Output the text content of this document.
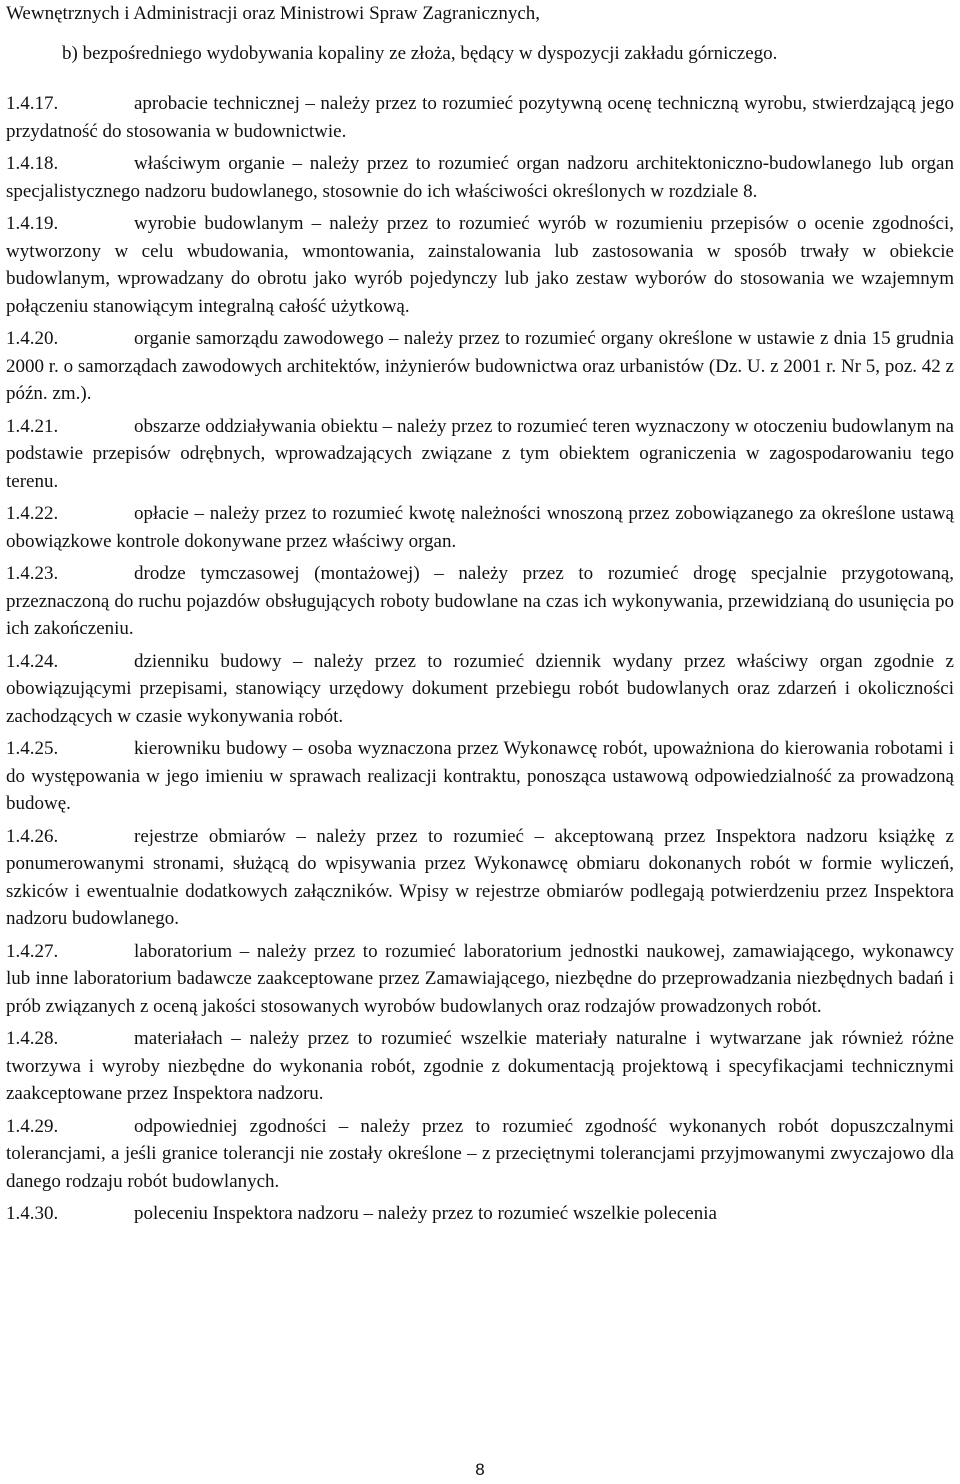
Wewnętrznych i Administracji oraz Ministrowi Spraw Zagranicznych,
b) bezpośredniego wydobywania kopaliny ze złoża, będący w dyspozycji zakładu górniczego.

1.4.17.	aprobacie technicznej – należy przez to rozumieć pozytywną ocenę techniczną wyrobu, stwierdzającą jego przydatność do stosowania w budownictwie.

1.4.18.	właściwym organie – należy przez to rozumieć organ nadzoru architektoniczno-budowlanego lub organ specjalistycznego nadzoru budowlanego, stosownie do ich właściwości określonych w rozdziale 8.

1.4.19.	wyrobie budowlanym – należy przez to rozumieć wyrób w rozumieniu przepisów o ocenie zgodności, wytworzony w celu wbudowania, wmontowania, zainstalowania lub zastosowania w sposób trwały w obiekcie budowlanym, wprowadzany do obrotu jako wyrób pojedynczy lub jako zestaw wyborów do stosowania we wzajemnym połączeniu stanowiącym integralną całość użytkową.

1.4.20.	organie samorządu zawodowego – należy przez to rozumieć organy określone w ustawie z dnia 15 grudnia 2000 r. o samorządach zawodowych architektów, inżynierów budownictwa oraz urbanistów (Dz. U. z 2001 r. Nr 5, poz. 42 z późn. zm.).

1.4.21.	obszarze oddziaływania obiektu – należy przez to rozumieć teren wyznaczony w otoczeniu budowlanym na podstawie przepisów odrębnych, wprowadzających związane z tym obiektem ograniczenia w zagospodarowaniu tego terenu.

1.4.22.	opłacie – należy przez to rozumieć kwotę należności wnoszoną przez zobowiązanego za określone ustawą obowiązkowe kontrole dokonywane przez właściwy organ.

1.4.23.	drodze tymczasowej (montażowej) – należy przez to rozumieć drogę specjalnie przygotowaną, przeznaczoną do ruchu pojazdów obsługujących roboty budowlane na czas ich wykonywania, przewidzianą do usunięcia po ich zakończeniu.

1.4.24.	dzienniku budowy – należy przez to rozumieć dziennik wydany przez właściwy organ zgodnie z obowiązującymi przepisami, stanowiący urzędowy dokument przebiegu robót budowlanych oraz zdarzeń i okoliczności zachodzących w czasie wykonywania robót.

1.4.25.	kierowniku budowy – osoba wyznaczona przez Wykonawcę robót, upoważniona do kierowania robotami i do występowania w jego imieniu w sprawach realizacji kontraktu, ponosząca ustawową odpowiedzialność za prowadzoną budowę.

1.4.26.	rejestrze obmiarów – należy przez to rozumieć – akceptowaną przez Inspektora nadzoru książkę z ponumerowanymi stronami, służącą do wpisywania przez Wykonawcę obmiaru dokonanych robót w formie wyliczeń, szkiców i ewentualnie dodatkowych załączników. Wpisy w rejestrze obmiarów podlegają potwierdzeniu przez Inspektora nadzoru budowlanego.

1.4.27.	laboratorium – należy przez to rozumieć laboratorium jednostki naukowej, zamawiającego, wykonawcy lub inne laboratorium badawcze zaakceptowane przez Zamawiającego, niezbędne do przeprowadzania niezbędnych badań i prób związanych z oceną jakości stosowanych wyrobów budowlanych oraz rodzajów prowadzonych robót.

1.4.28.	materiałach – należy przez to rozumieć wszelkie materiały naturalne i wytwarzane jak również różne tworzywa i wyroby niezbędne do wykonania robót, zgodnie z dokumentacją projektową i specyfikacjami technicznymi zaakceptowane przez Inspektora nadzoru.

1.4.29.	odpowiedniej zgodności – należy przez to rozumieć zgodność wykonanych robót dopuszczalnymi tolerancjami, a jeśli granice tolerancji nie zostały określone – z przeciętnymi tolerancjami przyjmowanymi zwyczajowo dla danego rodzaju robót budowlanych.

1.4.30.	poleceniu Inspektora nadzoru – należy przez to rozumieć wszelkie polecenia

8
